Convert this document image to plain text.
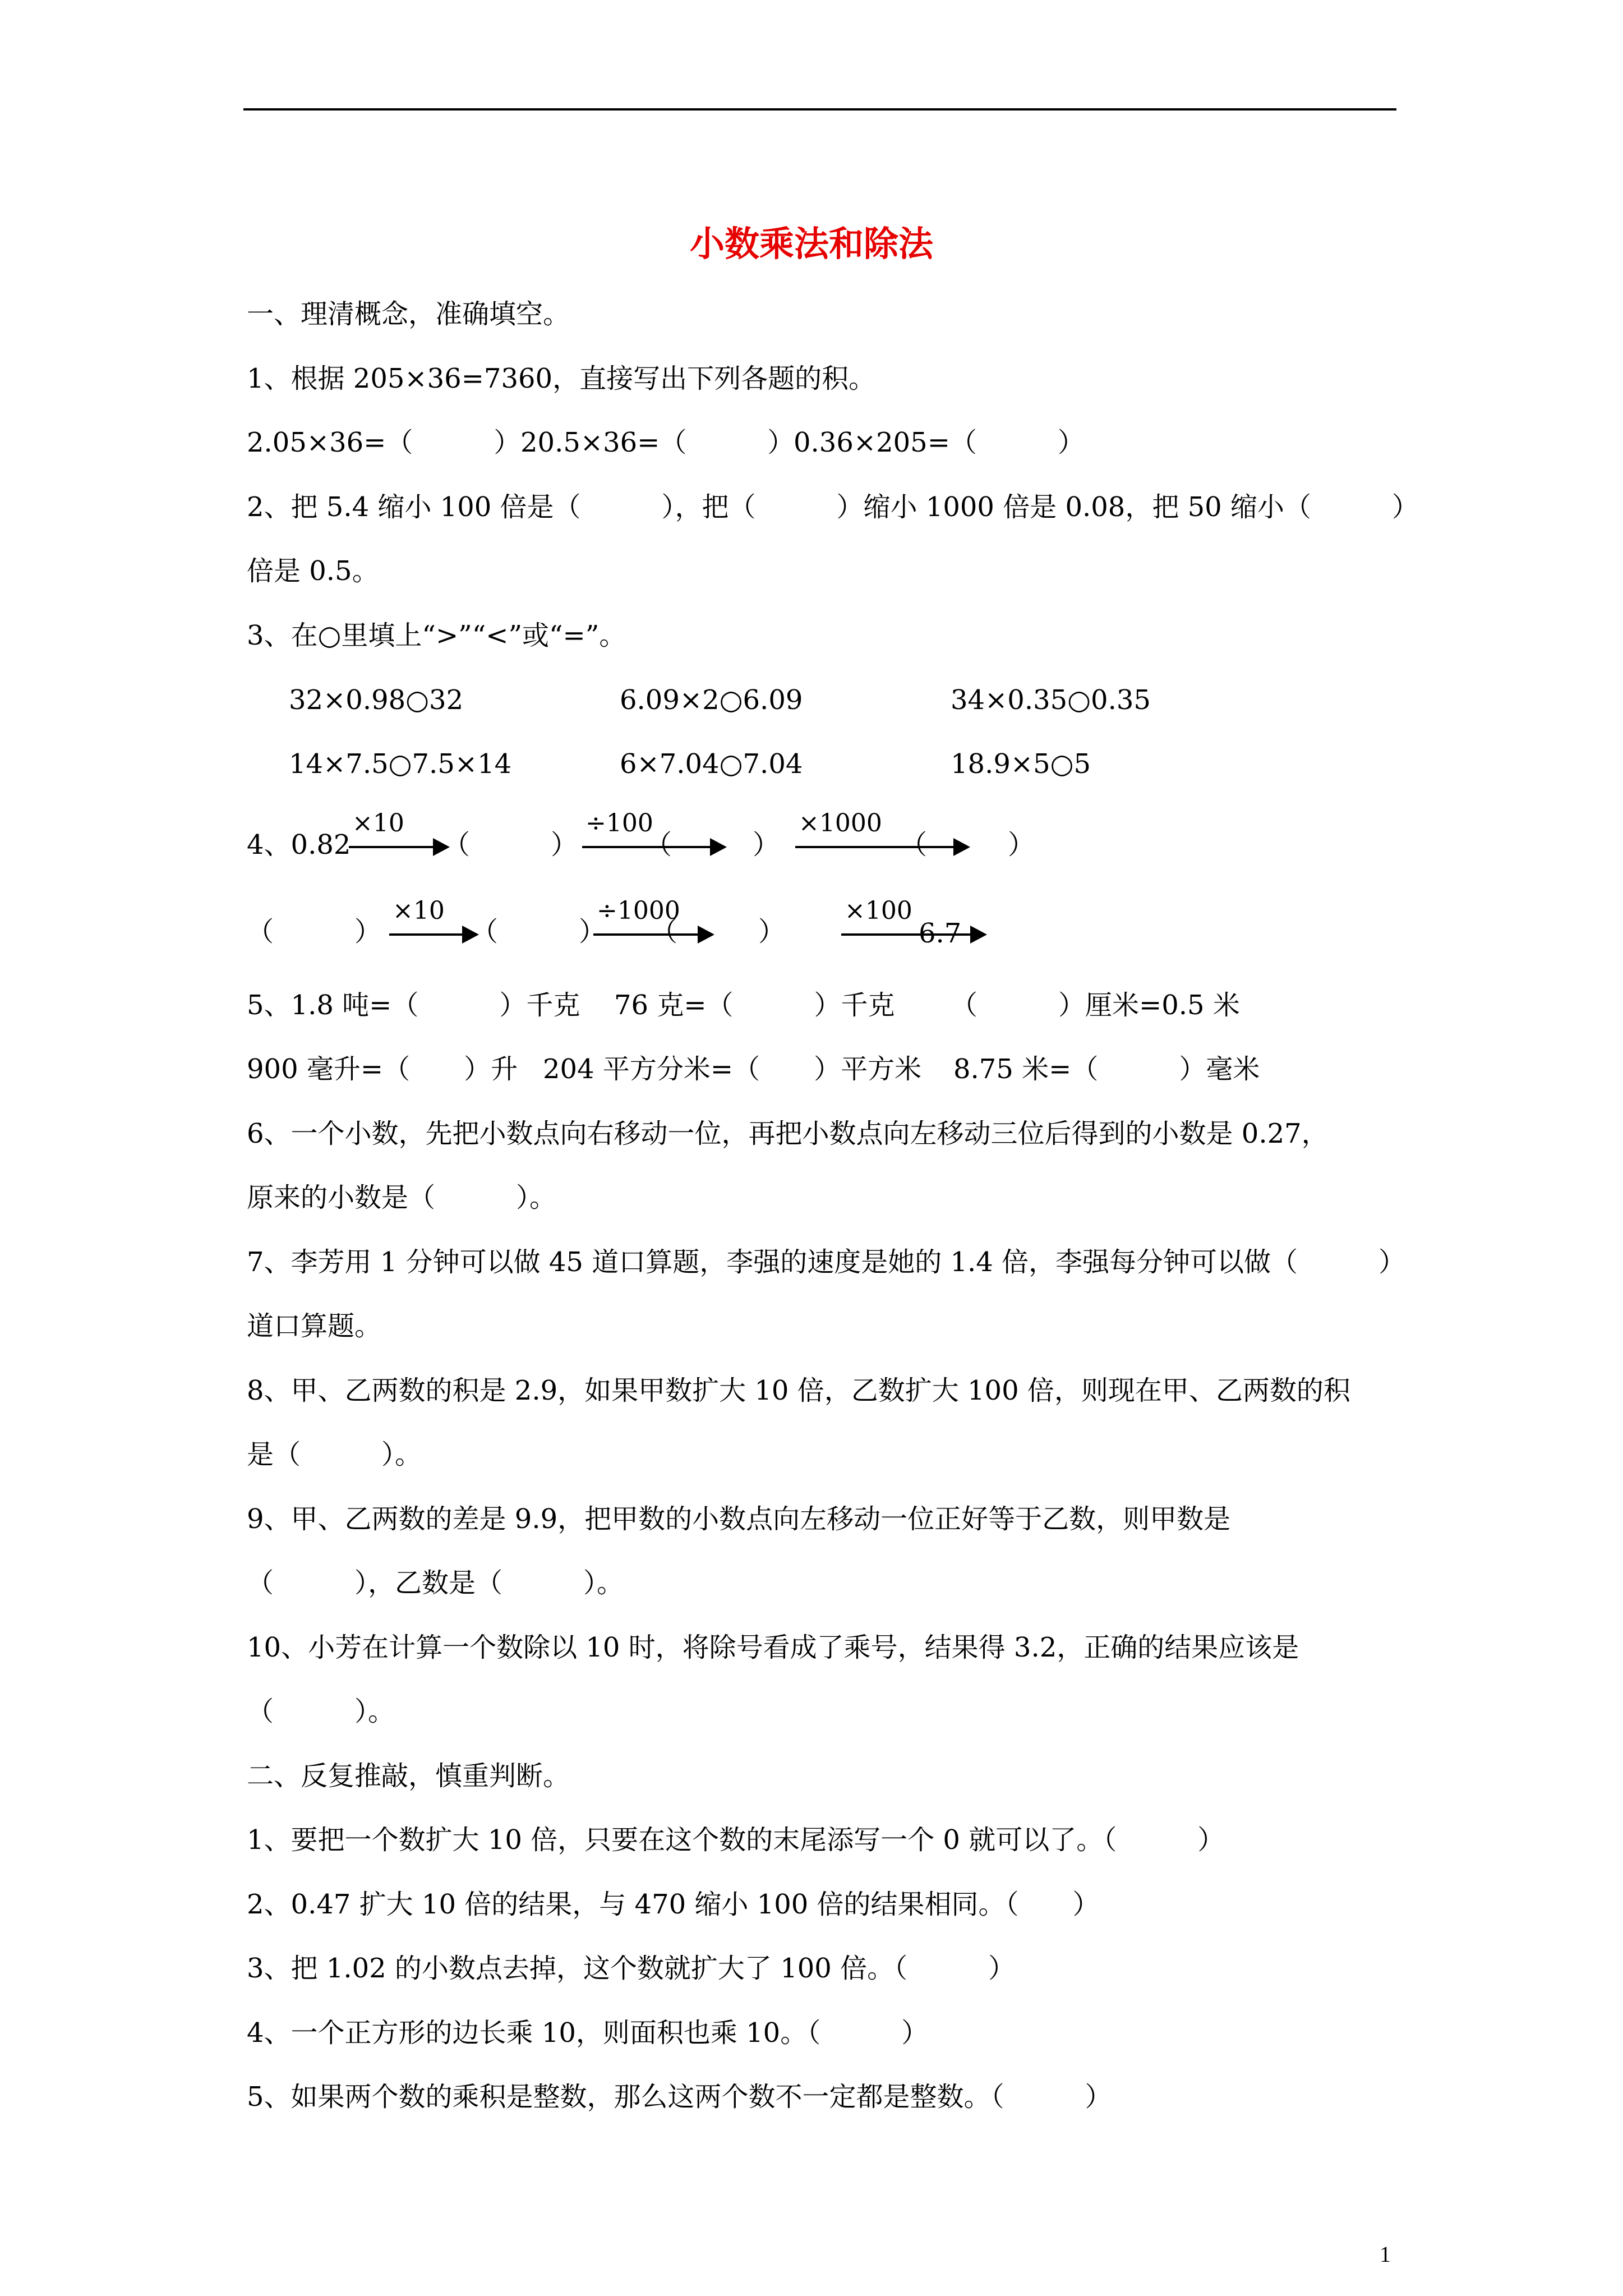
小数乘法和除法
一、理清概念，准确填空。
1、根据 205×36=7360，直接写出下列各题的积。
2.05×36=（　　　） 20.5×36=（　　　）
0.36×205=（　　　）
2、把 5.4 缩小 100 倍是（　　　），把（　　　）缩小 1000 倍是 0.08，把 50 缩小（　　　）
倍是 0.5。
3、在○里填上“>”“<”或“=”。
32×0.98○32	6.09×2○6.09	34×0.35○0.35
14×7.5○7.5×14	6×7.04○7.04	18.9×5○5
4、0.82
×10
（　　　）
÷100
（　　　）
×1000
（　　　）
（　　　）
×10
（　　　）
÷1000
（　　　）
×100
6.7
5、1.8 吨=（　　　）千克 76 克=（　　　）千克 （　　　）厘米=0.5 米
900 毫升=（　　）升 204 平方分米=（　　）平方米 8.75 米=（　　　）毫米
6、一个小数，先把小数点向右移动一位，再把小数点向左移动三位后得到的小数是 0.27，
原来的小数是（　　　）。
7、李芳用 1 分钟可以做 45 道口算题，李强的速度是她的 1.4 倍，李强每分钟可以做（　　　）
道口算题。
8、甲、乙两数的积是 2.9，如果甲数扩大 10 倍，乙数扩大 100 倍，则现在甲、乙两数的积
是（　　　）。
9、甲、乙两数的差是 9.9，把甲数的小数点向左移动一位正好等于乙数，则甲数是
（　　　），乙数是（　　　）。
10、小芳在计算一个数除以 10 时，将除号看成了乘号，结果得 3.2，正确的结果应该是
（　　　）。
二、反复推敲，慎重判断。
1、要把一个数扩大 10 倍，只要在这个数的末尾添写一个 0 就可以了。（　　　）
2、0.47 扩大 10 倍的结果，与 470 缩小 100 倍的结果相同。（　　）
3、把 1.02 的小数点去掉，这个数就扩大了 100 倍。（　　　）
4、一个正方形的边长乘 10，则面积也乘 10。（　　　）
5、如果两个数的乘积是整数，那么这两个数不一定都是整数。（　　　）
1
